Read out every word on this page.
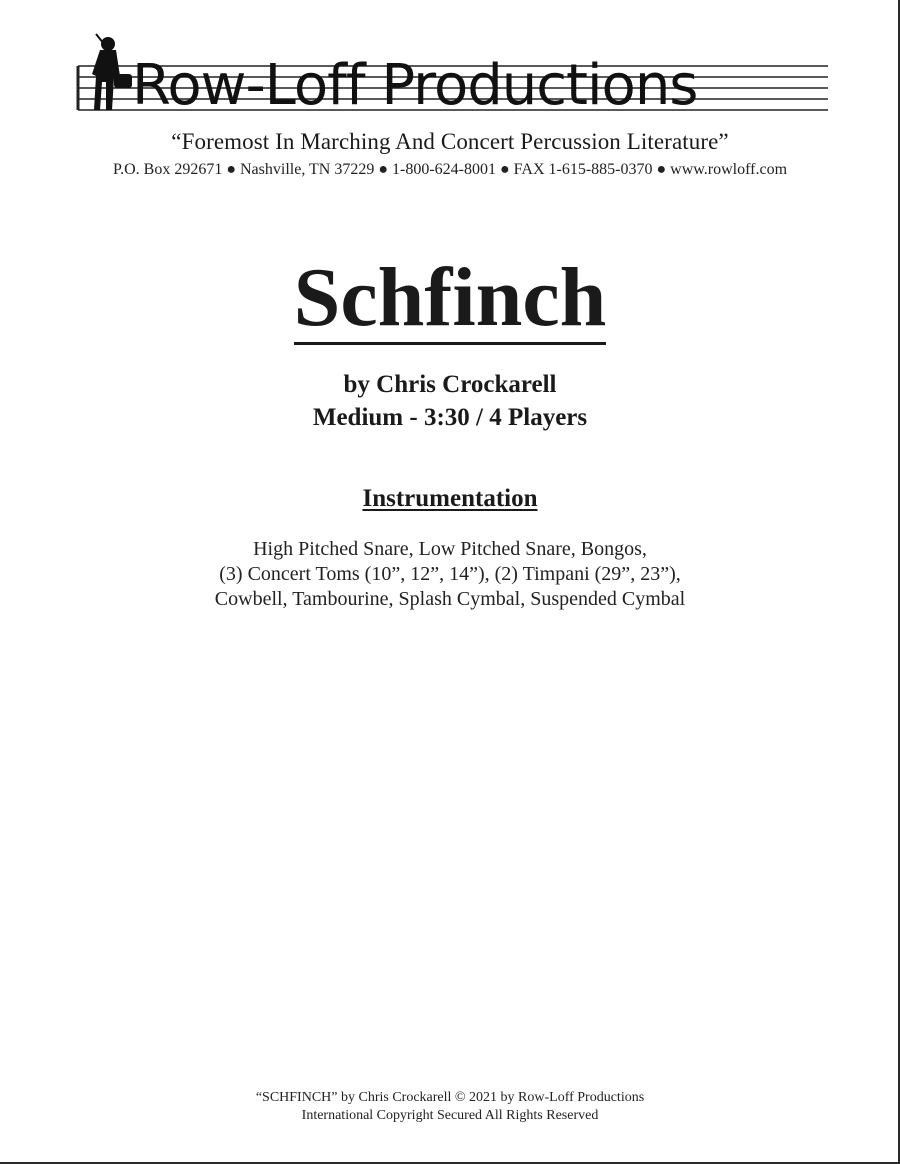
Row-Loff Productions
“Foremost In Marching And Concert Percussion Literature”
P.O. Box 292671 ● Nashville, TN 37229 ● 1-800-624-8001 ● FAX 1-615-885-0370 ● www.rowloff.com
Schfinch
by Chris Crockarell
Medium - 3:30 / 4 Players
Instrumentation
High Pitched Snare, Low Pitched Snare, Bongos,
(3) Concert Toms (10”, 12”, 14”), (2) Timpani (29”, 23”),
Cowbell, Tambourine, Splash Cymbal, Suspended Cymbal
“SCHFINCH” by Chris Crockarell © 2021 by Row-Loff Productions
International Copyright Secured All Rights Reserved
